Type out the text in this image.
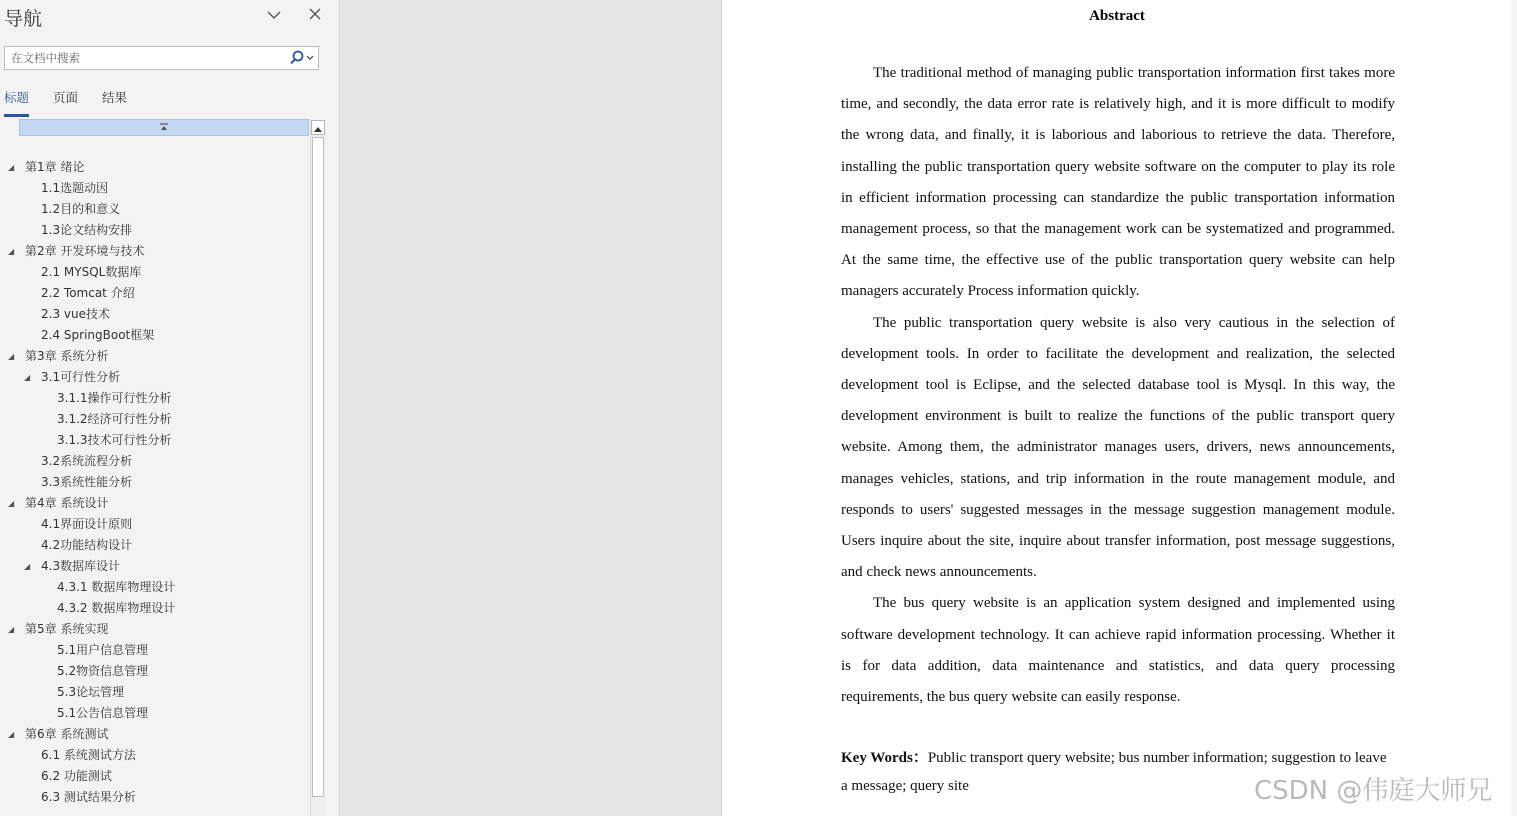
导航
在文档中搜索
标题 页面 结果
◢ 第1章 绪论
1.1选题动因
1.2目的和意义
1.3论文结构安排
◢ 第2章 开发环境与技术
2.1 MYSQL数据库
2.2 Tomcat 介绍
2.3 vue技术
2.4 SpringBoot框架
◢ 第3章 系统分析
◢ 3.1可行性分析
3.1.1操作可行性分析
3.1.2经济可行性分析
3.1.3技术可行性分析
3.2系统流程分析
3.3系统性能分析
◢ 第4章 系统设计
4.1界面设计原则
4.2功能结构设计
◢ 4.3数据库设计
4.3.1 数据库物理设计
4.3.2 数据库物理设计
◢ 第5章 系统实现
5.1用户信息管理
5.2物资信息管理
5.3论坛管理
5.1公告信息管理
◢ 第6章 系统测试
6.1 系统测试方法
6.2 功能测试
6.3 测试结果分析
Abstract

The traditional method of managing public transportation information first takes more time, and secondly, the data error rate is relatively high, and it is more difficult to modify the wrong data, and finally, it is laborious and laborious to retrieve the data. Therefore, installing the public transportation query website software on the computer to play its role in efficient information processing can standardize the public transportation information management process, so that the management work can be systematized and programmed. At the same time, the effective use of the public transportation query website can help managers accurately Process information quickly.

The public transportation query website is also very cautious in the selection of development tools. In order to facilitate the development and realization, the selected development tool is Eclipse, and the selected database tool is Mysql. In this way, the development environment is built to realize the functions of the public transport query website. Among them, the administrator manages users, drivers, news announcements, manages vehicles, stations, and trip information in the route management module, and responds to users' suggested messages in the message suggestion management module. Users inquire about the site, inquire about transfer information, post message suggestions, and check news announcements.

The bus query website is an application system designed and implemented using software development technology. It can achieve rapid information processing. Whether it is for data addition, data maintenance and statistics, and data query processing requirements, the bus query website can easily response.

Key Words：Public transport query website; bus number information; suggestion to leave a message; query site	CSDN @伟庭大师兄
